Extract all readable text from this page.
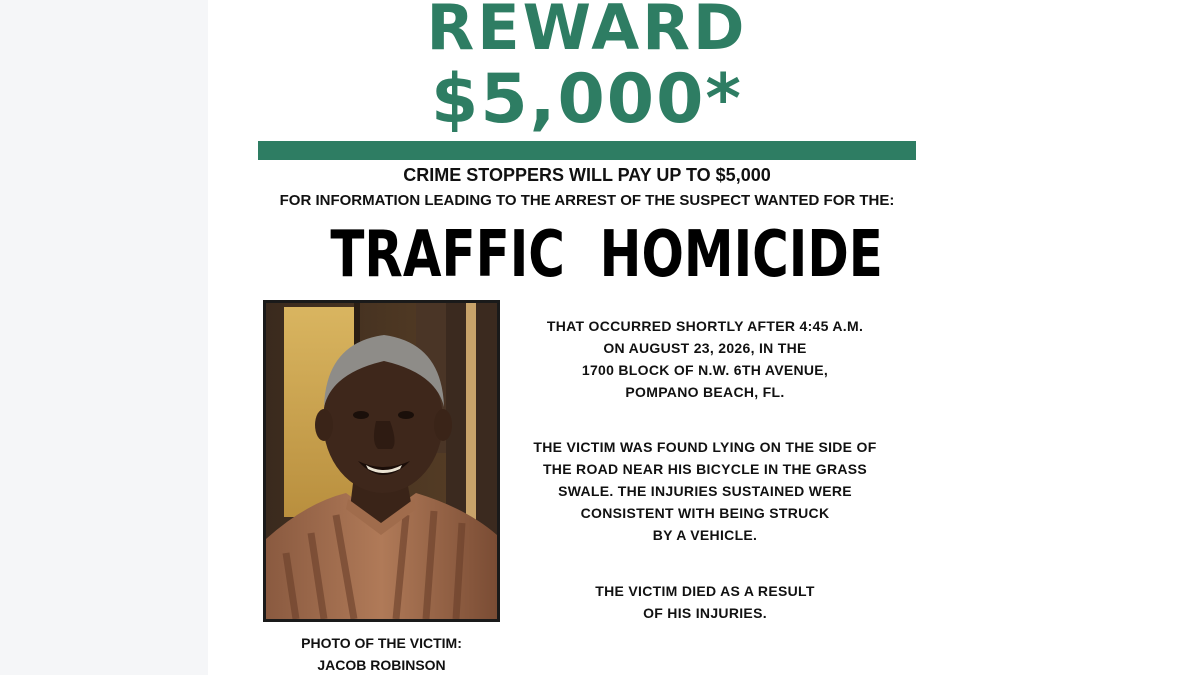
REWARD
$5,000*
CRIME STOPPERS WILL PAY UP TO $5,000
FOR INFORMATION LEADING TO THE ARREST OF THE SUSPECT WANTED FOR THE:
TRAFFIC  HOMICIDE
PHOTO OF THE VICTIM:
JACOB ROBINSON
THAT OCCURRED SHORTLY AFTER 4:45 A.M.
ON AUGUST 23, 2026, IN THE
1700 BLOCK OF N.W. 6TH AVENUE,
POMPANO BEACH, FL.
THE VICTIM WAS FOUND LYING ON THE SIDE OF
THE ROAD NEAR HIS BICYCLE IN THE GRASS
SWALE. THE INJURIES SUSTAINED WERE
CONSISTENT WITH BEING STRUCK
BY A VEHICLE.
THE VICTIM DIED AS A RESULT
OF HIS INJURIES.
